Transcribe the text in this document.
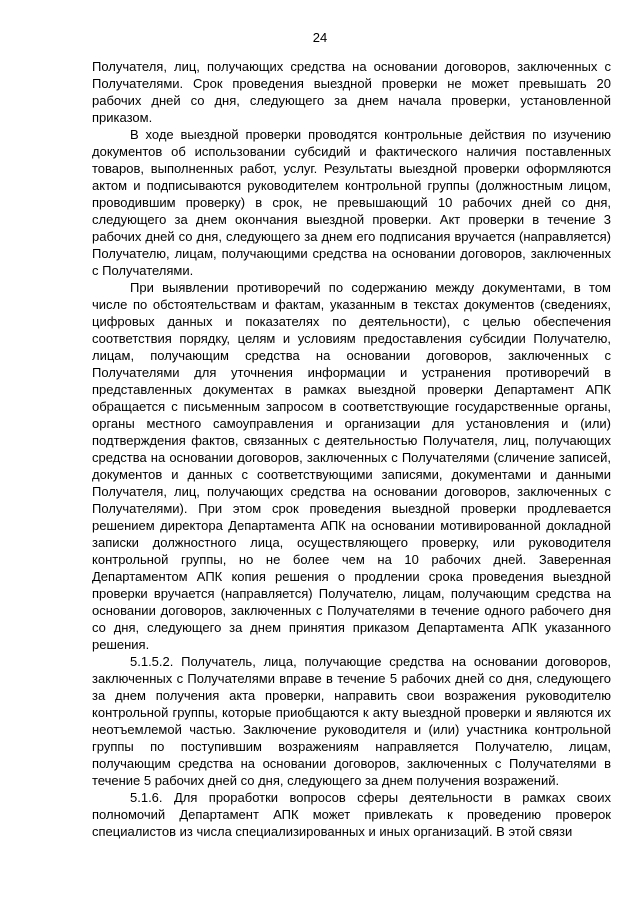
24

Получателя, лиц, получающих средства на основании договоров, заключенных с Получателями. Срок проведения выездной проверки не может превышать 20 рабочих дней со дня, следующего за днем начала проверки, установленной приказом.

В ходе выездной проверки проводятся контрольные действия по изучению документов об использовании субсидий и фактического наличия поставленных товаров, выполненных работ, услуг. Результаты выездной проверки оформляются актом и подписываются руководителем контрольной группы (должностным лицом, проводившим проверку) в срок, не превышающий 10 рабочих дней со дня, следующего за днем окончания выездной проверки. Акт проверки в течение 3 рабочих дней со дня, следующего за днем его подписания вручается (направляется) Получателю, лицам, получающими средства на основании договоров, заключенных с Получателями.

При выявлении противоречий по содержанию между документами, в том числе по обстоятельствам и фактам, указанным в текстах документов (сведениях, цифровых данных и показателях по деятельности), с целью обеспечения соответствия порядку, целям и условиям предоставления субсидии Получателю, лицам, получающим средства на основании договоров, заключенных с Получателями для уточнения информации и устранения противоречий в представленных документах в рамках выездной проверки Департамент АПК обращается с письменным запросом в соответствующие государственные органы, органы местного самоуправления и организации для установления и (или) подтверждения фактов, связанных с деятельностью Получателя, лиц, получающих средства на основании договоров, заключенных с Получателями (сличение записей, документов и данных с соответствующими записями, документами и данными Получателя, лиц, получающих средства на основании договоров, заключенных с Получателями). При этом срок проведения выездной проверки продлевается решением директора Департамента АПК на основании мотивированной докладной записки должностного лица, осуществляющего проверку, или руководителя контрольной группы, но не более чем на 10 рабочих дней. Заверенная Департаментом АПК копия решения о продлении срока проведения выездной проверки вручается (направляется) Получателю, лицам, получающим средства на основании договоров, заключенных с Получателями в течение одного рабочего дня со дня, следующего за днем принятия приказом Департамента АПК указанного решения.

5.1.5.2. Получатель, лица, получающие средства на основании договоров, заключенных с Получателями вправе в течение 5 рабочих дней со дня, следующего за днем получения акта проверки, направить свои возражения руководителю контрольной группы, которые приобщаются к акту выездной проверки и являются их неотъемлемой частью. Заключение руководителя и (или) участника контрольной группы по поступившим возражениям направляется Получателю, лицам, получающим средства на основании договоров, заключенных с Получателями в течение 5 рабочих дней со дня, следующего за днем получения возражений.

5.1.6. Для проработки вопросов сферы деятельности в рамках своих полномочий Департамент АПК может привлекать к проведению проверок специалистов из числа специализированных и иных организаций. В этой связи
